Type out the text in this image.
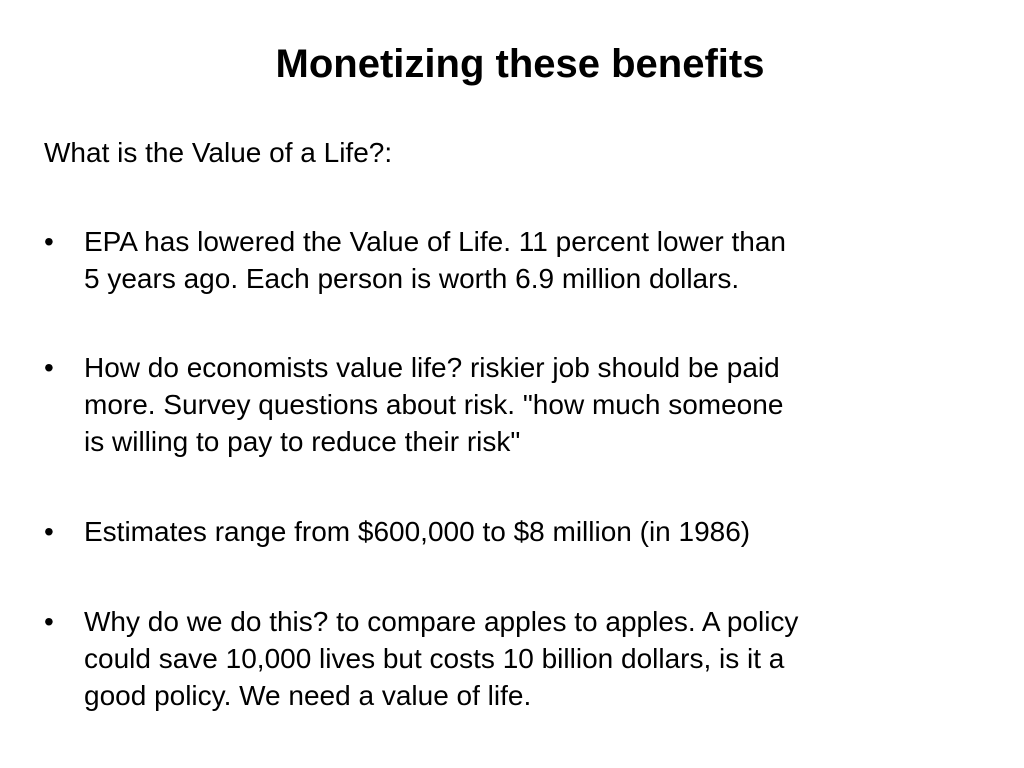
Monetizing these benefits

What is the Value of a Life?:

•	EPA has lowered the Value of Life. 11 percent lower than
5 years ago. Each person is worth 6.9 million dollars.
•	How do economists value life? riskier job should be paid
more. Survey questions about risk. "how much someone
is willing to pay to reduce their risk"
•	Estimates range from $600,000 to $8 million (in 1986)
•	Why do we do this? to compare apples to apples. A policy
could save 10,000 lives but costs 10 billion dollars, is it a
good policy. We need a value of life.
